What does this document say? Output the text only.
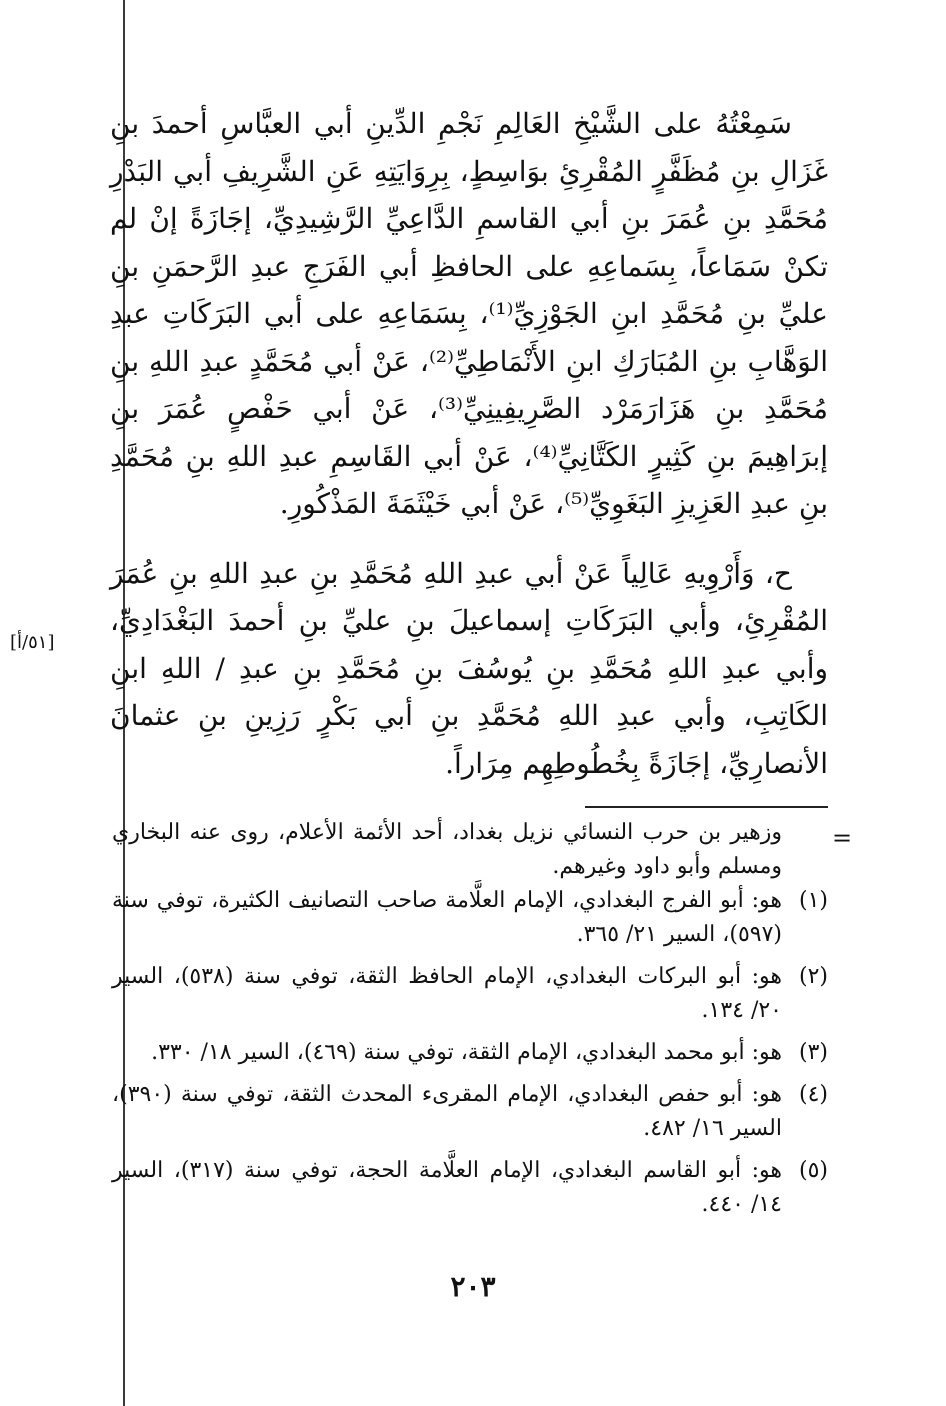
سَمِعْتُهُ على الشَّيْخِ العَالِمِ نَجْمِ الدِّينِ أبي العبَّاسِ أحمدَ بنِ غَزَالِ بنِ مُظَفَّرٍ المُقْرِئِ بوَاسِطٍ، بِرِوَايَتِهِ عَنِ الشَّرِيفِ أبي البَدْرِ مُحَمَّدِ بنِ عُمَرَ بنِ أبي القاسمِ الدَّاعِيِّ الرَّشِيدِيِّ، إجَازَةً إنْ لم تكنْ سَمَاعاً، بِسَماعِهِ على الحافظِ أبي الفَرَجِ عبدِ الرَّحمَنِ بنِ عليِّ بنِ مُحَمَّدِ ابنِ الجَوْزِيِّ⁽¹⁾، بِسَمَاعِهِ على أبي البَرَكَاتِ عبدِ الوَهَّابِ بنِ المُبَارَكِ ابنِ الأَنْمَاطِيِّ⁽²⁾، عَنْ أبي مُحَمَّدٍ عبدِ اللهِ بنِ مُحَمَّدِ بنِ هَزَارَمَرْد الصَّرِيفِينِيِّ⁽³⁾، عَنْ أبي حَفْصٍ عُمَرَ بنِ إبرَاهِيمَ بنِ كَثِيرٍ الكَتَّانِيِّ⁽⁴⁾، عَنْ أبي القَاسِمِ عبدِ اللهِ بنِ مُحَمَّدِ بنِ عبدِ العَزِيزِ البَغَوِيِّ⁽⁵⁾، عَنْ أبي خَيْثَمَةَ المَذْكُورِ.

ح، وَأَرْوِيهِ عَالِياً عَنْ أبي عبدِ اللهِ مُحَمَّدِ بنِ عبدِ اللهِ بنِ عُمَرَ المُقْرِئِ، وأبي البَرَكَاتِ إسماعيلَ بنِ عليِّ بنِ أحمدَ البَغْدَادِيِّ، وأبي عبدِ اللهِ مُحَمَّدِ بنِ يُوسُفَ بنِ مُحَمَّدِ بنِ عبدِ / اللهِ ابنِ الكَاتِبِ، وأبي عبدِ اللهِ مُحَمَّدِ بنِ أبي بَكْرٍ رَزِينِ بنِ عثمانَ الأنصارِيِّ، إجَازَةً بِخُطُوطِهِم مِرَاراً.

[٥١/أ]
=
وزهير بن حرب النسائي نزيل بغداد، أحد الأئمة الأعلام، روى عنه البخاري ومسلم وأبو داود وغيرهم.
(١)
هو: أبو الفرج البغدادي، الإمام العلَّامة صاحب التصانيف الكثيرة، توفي سنة (٥٩٧)، السير ٢١/ ٣٦٥.
(٢)
هو: أبو البركات البغدادي، الإمام الحافظ الثقة، توفي سنة (٥٣٨)، السير ٢٠/ ١٣٤.
(٣)
هو: أبو محمد البغدادي، الإمام الثقة، توفي سنة (٤٦٩)، السير ١٨/ ٣٣٠.
(٤)
هو: أبو حفص البغدادي، الإمام المقرىء المحدث الثقة، توفي سنة (٣٩٠)، السير ١٦/ ٤٨٢.
(٥)
هو: أبو القاسم البغدادي، الإمام العلَّامة الحجة، توفي سنة (٣١٧)، السير ١٤/ ٤٤٠.
٢٠٣
